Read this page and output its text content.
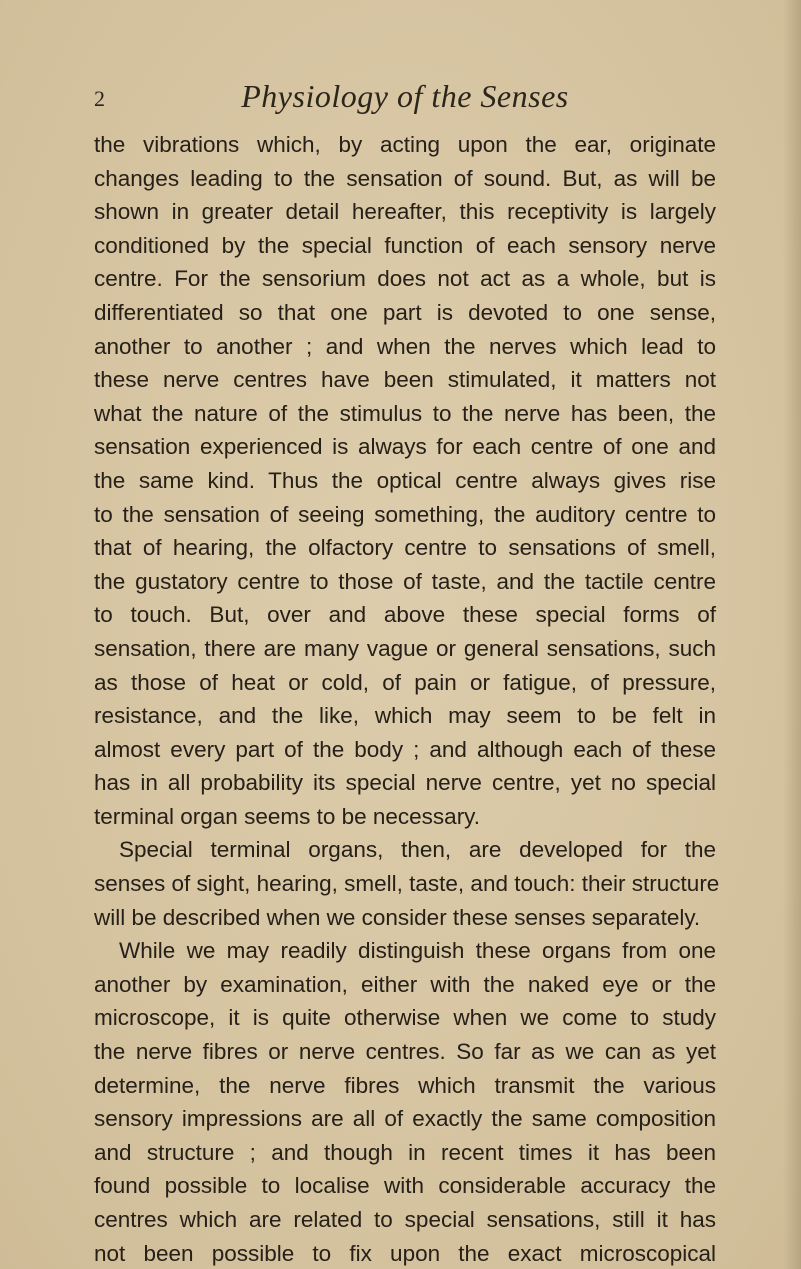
2	Physiology of the Senses
the vibrations which, by acting upon the ear, originate
changes leading to the sensation of sound. But, as will be
shown in greater detail hereafter, this receptivity is largely
conditioned by the special function of each sensory nerve
centre. For the sensorium does not act as a whole, but is
differentiated so that one part is devoted to one sense,
another to another ; and when the nerves which lead to
these nerve centres have been stimulated, it matters not
what the nature of the stimulus to the nerve has been, the
sensation experienced is always for each centre of one and
the same kind. Thus the optical centre always gives rise
to the sensation of seeing something, the auditory centre to
that of hearing, the olfactory centre to sensations of smell,
the gustatory centre to those of taste, and the tactile centre
to touch. But, over and above these special forms of
sensation, there are many vague or general sensations, such
as those of heat or cold, of pain or fatigue, of pressure,
resistance, and the like, which may seem to be felt in
almost every part of the body ; and although each of these
has in all probability its special nerve centre, yet no special
terminal organ seems to be necessary.
Special terminal organs, then, are developed for the
senses of sight, hearing, smell, taste, and touch: their structure
will be described when we consider these senses separately.
While we may readily distinguish these organs from one
another by examination, either with the naked eye or the
microscope, it is quite otherwise when we come to study
the nerve fibres or nerve centres. So far as we can as yet
determine, the nerve fibres which transmit the various
sensory impressions are all of exactly the same composition
and structure ; and though in recent times it has been
found possible to localise with considerable accuracy the
centres which are related to special sensations, still it has
not been possible to fix upon the exact microscopical
